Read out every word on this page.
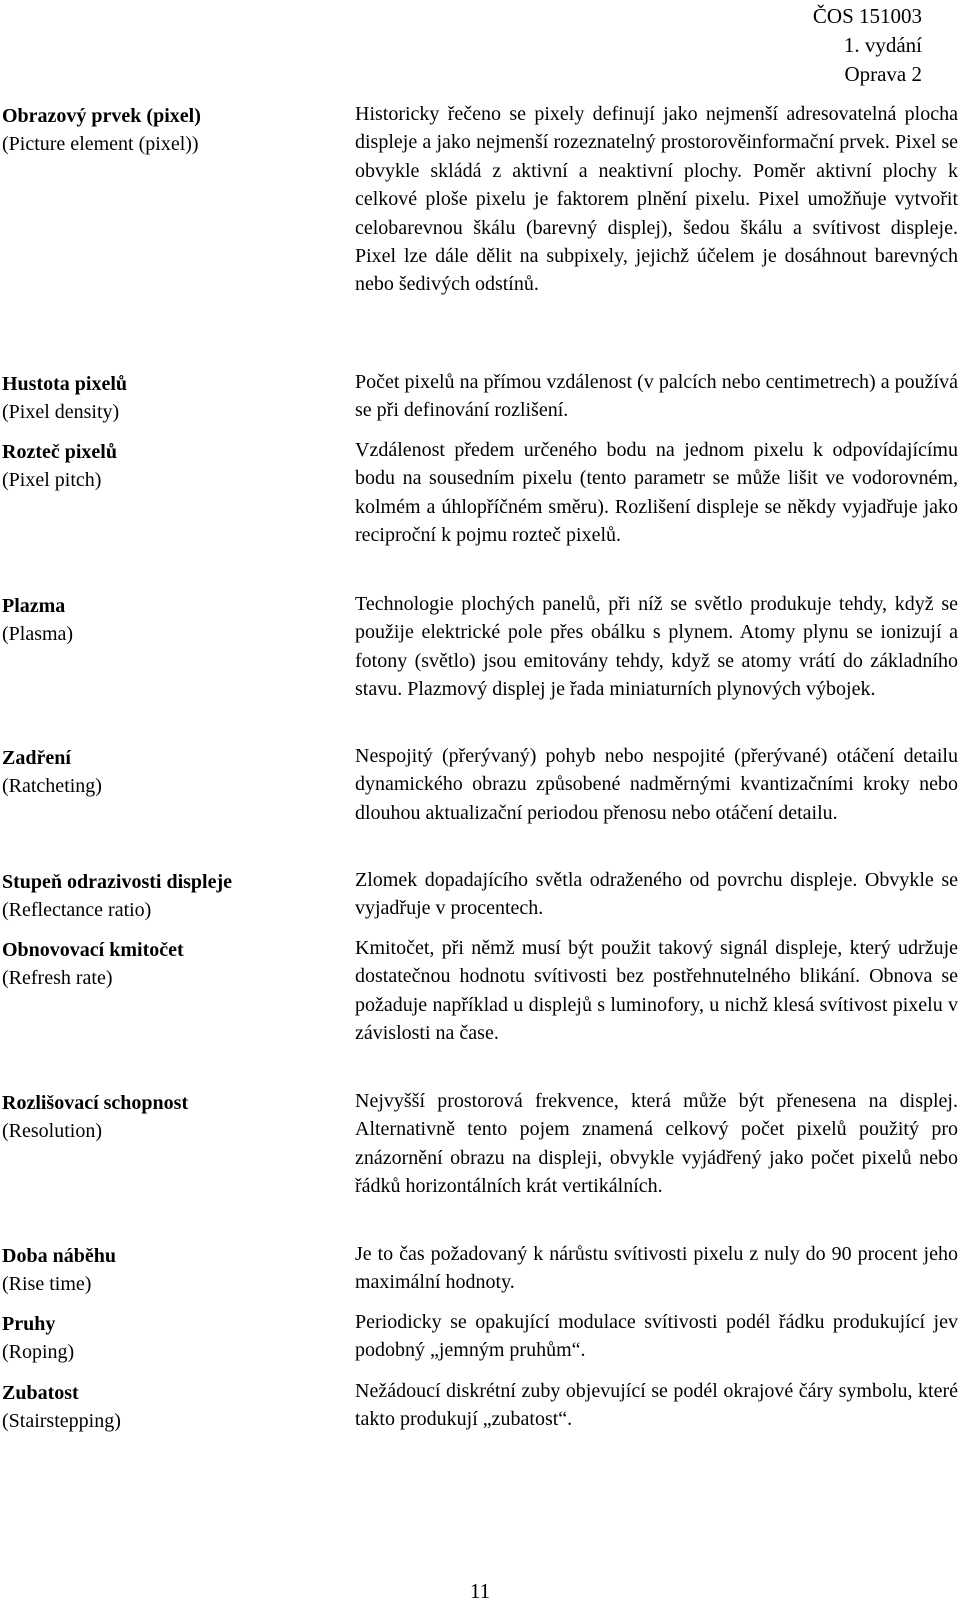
ČOS 151003
1. vydání
Oprava 2
Obrazový prvek (pixel)
(Picture element (pixel))
Historicky řečeno se pixely definují jako nejmenší adresovatelná plocha displeje a jako nejmenší rozeznatelný prostorověinformační prvek. Pixel se obvykle skládá z aktivní a neaktivní plochy. Poměr aktivní plochy k celkové ploše pixelu je faktorem plnění pixelu. Pixel umožňuje vytvořit celobarevnou škálu (barevný displej), šedou škálu a svítivost displeje. Pixel lze dále dělit na subpixely, jejichž účelem je dosáhnout barevných nebo šedivých odstínů.
Hustota pixelů
(Pixel density)
Počet pixelů na přímou vzdálenost (v palcích nebo centimetrech) a používá se při definování rozlišení.
Rozteč pixelů
(Pixel pitch)
Vzdálenost předem určeného bodu na jednom pixelu k odpovídajícímu bodu na sousedním pixelu (tento parametr se může lišit ve vodorovném, kolmém a úhlopříčném směru). Rozlišení displeje se někdy vyjadřuje jako reciproční k pojmu rozteč pixelů.
Plazma
(Plasma)
Technologie plochých panelů, při níž se světlo produkuje tehdy, když se použije elektrické pole přes obálku s plynem. Atomy plynu se ionizují a fotony (světlo) jsou emitovány tehdy, když se atomy vrátí do základního stavu. Plazmový displej je řada miniaturních plynových výbojek.
Zadření
(Ratcheting)
Nespojitý (přerývaný) pohyb nebo nespojité (přerývané) otáčení detailu dynamického obrazu způsobené nadměrnými kvantizačními kroky nebo dlouhou aktualizační periodou přenosu nebo otáčení detailu.
Stupeň odrazivosti displeje
(Reflectance ratio)
Zlomek dopadajícího světla odraženého od povrchu displeje. Obvykle se vyjadřuje v procentech.
Obnovovací kmitočet
(Refresh rate)
Kmitočet, při němž musí být použit takový signál displeje, který udržuje dostatečnou hodnotu svítivosti bez postřehnutelného blikání. Obnova se požaduje například u displejů s luminofory, u nichž klesá svítivost pixelu v závislosti na čase.
Rozlišovací schopnost
(Resolution)
Nejvyšší prostorová frekvence, která může být přenesena na displej. Alternativně tento pojem znamená celkový počet pixelů použitý pro znázornění obrazu na displeji, obvykle vyjádřený jako počet pixelů nebo řádků horizontálních krát vertikálních.
Doba náběhu
(Rise time)
Je to čas požadovaný k nárůstu svítivosti pixelu z nuly do 90 procent jeho maximální hodnoty.
Pruhy
(Roping)
Periodicky se opakující modulace svítivosti podél řádku produkující jev podobný „jemným pruhům“.
Zubatost
(Stairstepping)
Nežádoucí diskrétní zuby objevující se podél okrajové čáry symbolu, které takto produkují „zubatost“.
11
